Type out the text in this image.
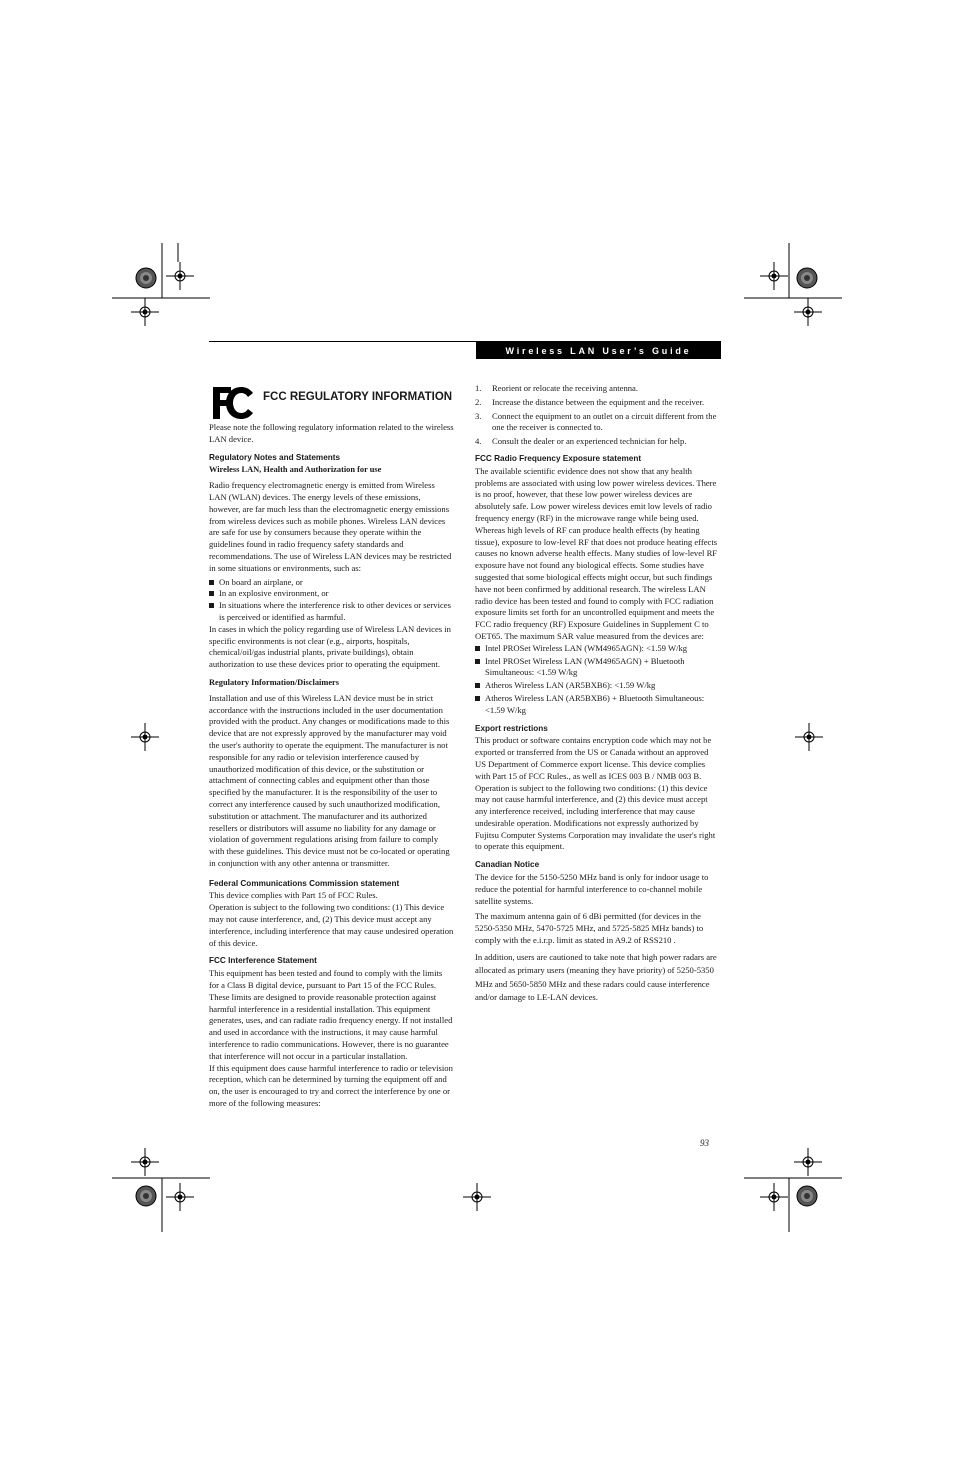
Wireless LAN User’s Guide
FCC REGULATORY INFORMATION

Please note the following regulatory information related to the wireless LAN device.

Regulatory Notes and Statements
Wireless LAN, Health and Authorization for use

Radio frequency electromagnetic energy is emitted from Wireless LAN (WLAN) devices. The energy levels of these emissions, however, are far much less than the electromagnetic energy emissions from wireless devices such as mobile phones. Wireless LAN devices are safe for use by consumers because they operate within the guidelines found in radio frequency safety standards and recommendations. The use of Wireless LAN devices may be restricted in some situations or environments, such as:

On board an airplane, or
In an explosive environment, or
In situations where the interference risk to other devices or services is perceived or identified as harmful.

In cases in which the policy regarding use of Wireless LAN devices in specific environments is not clear (e.g., airports, hospitals, chemical/oil/gas industrial plants, private buildings), obtain authorization to use these devices prior to operating the equipment.

Regulatory Information/Disclaimers

Installation and use of this Wireless LAN device must be in strict accordance with the instructions included in the user documentation provided with the product. Any changes or modifications made to this device that are not expressly approved by the manufacturer may void the user's authority to operate the equipment. The manufacturer is not responsible for any radio or television interference caused by unauthorized modification of this device, or the substitution or attachment of connecting cables and equipment other than those specified by the manufacturer. It is the responsibility of the user to correct any interference caused by such unauthorized modification, substitution or attachment. The manufacturer and its authorized resellers or distributors will assume no liability for any damage or violation of government regulations arising from failure to comply with these guidelines. This device must not be co-located or operating in conjunction with any other antenna or transmitter.

Federal Communications Commission statement

This device complies with Part 15 of FCC Rules.

Operation is subject to the following two conditions: (1) This device may not cause interference, and, (2) This device must accept any interference, including interference that may cause undesired operation of this device.

FCC Interference Statement

This equipment has been tested and found to comply with the limits for a Class B digital device, pursuant to Part 15 of the FCC Rules. These limits are designed to provide reasonable protection against harmful interference in a residential installation. This equipment generates, uses, and can radiate radio frequency energy. If not installed and used in accordance with the instructions, it may cause harmful interference to radio communications. However, there is no guarantee that interference will not occur in a particular installation.

If this equipment does cause harmful interference to radio or television reception, which can be determined by turning the equipment off and on, the user is encouraged to try and correct the interference by one or more of the following measures:

1. Reorient or relocate the receiving antenna.
2. Increase the distance between the equipment and the receiver.
3. Connect the equipment to an outlet on a circuit different from the one the receiver is connected to.
4. Consult the dealer or an experienced technician for help.
FCC Radio Frequency Exposure statement

The available scientific evidence does not show that any health problems are associated with using low power wireless devices. There is no proof, however, that these low power wireless devices are absolutely safe. Low power wireless devices emit low levels of radio frequency energy (RF) in the microwave range while being used. Whereas high levels of RF can produce health effects (by heating tissue), exposure to low-level RF that does not produce heating effects causes no known adverse health effects. Many studies of low-level RF exposure have not found any biological effects. Some studies have suggested that some biological effects might occur, but such findings have not been confirmed by additional research. The wireless LAN radio device has been tested and found to comply with FCC radiation exposure limits set forth for an uncontrolled equipment and meets the FCC radio frequency (RF) Exposure Guidelines in Supplement C to OET65. The maximum SAR value measured from the devices are:

Intel PROSet Wireless LAN (WM4965AGN): <1.59 W/kg
Intel PROSet Wireless LAN (WM4965AGN) + Bluetooth Simultaneous: <1.59 W/kg
Atheros Wireless LAN (AR5BXB6): <1.59 W/kg
Atheros Wireless LAN (AR5BXB6) + Bluetooth Simultaneous: <1.59 W/kg
Export restrictions

This product or software contains encryption code which may not be exported or transferred from the US or Canada without an approved US Department of Commerce export license. This device complies with Part 15 of FCC Rules., as well as ICES 003 B / NMB 003 B. Operation is subject to the following two conditions: (1) this device may not cause harmful interference, and (2) this device must accept any interference received, including interference that may cause undesirable operation. Modifications not expressly authorized by Fujitsu Computer Systems Corporation may invalidate the user's right to operate this equipment.

Canadian Notice

The device for the 5150-5250 MHz band is only for indoor usage to reduce the potential for harmful interference to co-channel mobile satellite systems.

The maximum antenna gain of 6 dBi permitted (for devices in the 5250-5350 MHz, 5470-5725 MHz, and 5725-5825 MHz bands) to comply with the e.i.r.p. limit as stated in A9.2 of RSS210 .

In addition, users are cautioned to take note that high power radars are allocated as primary users (meaning they have priority) of 5250-5350 MHz and 5650-5850 MHz and these radars could cause interference and/or damage to LE-LAN devices.

93
